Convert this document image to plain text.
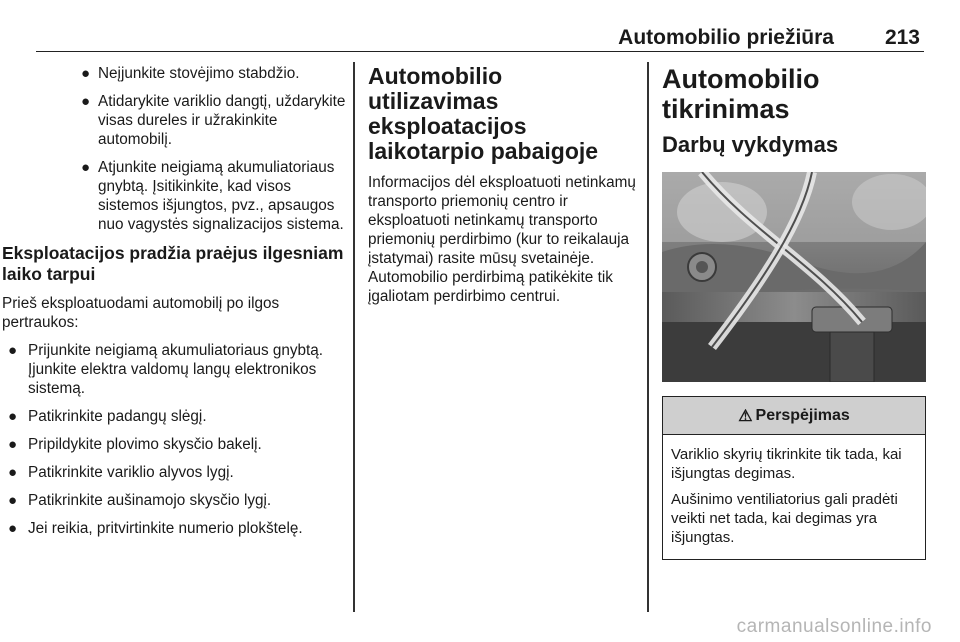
Automobilio priežiūra 213
● Neįjunkite stovėjimo stabdžio.
● Atidarykite variklio dangtį, uždarykite visas dureles ir užrakinkite automobilį.
● Atjunkite neigiamą akumuliatoriaus gnybtą. Įsitikinkite, kad visos sistemos išjungtos, pvz., apsaugos nuo vagystės signalizacijos sistema.
Eksploatacijos pradžia praėjus ilgesniam laiko tarpui

Prieš eksploatuodami automobilį po ilgos pertraukos:

● Prijunkite neigiamą akumuliatoriaus gnybtą. Įjunkite elektra valdomų langų elektronikos sistemą.
● Patikrinkite padangų slėgį.
● Pripildykite plovimo skysčio bakelį.
● Patikrinkite variklio alyvos lygį.
● Patikrinkite aušinamojo skysčio lygį.
● Jei reikia, pritvirtinkite numerio plokštelę.
Automobilio utilizavimas eksploatacijos laikotarpio pabaigoje

Informacijos dėl eksploatuoti netinkamų transporto priemonių centro ir eksploatuoti netinkamų transporto priemonių perdirbimo (kur to reikalauja įstatymai) rasite mūsų svetainėje. Automobilio perdirbimą patikėkite tik įgaliotam perdirbimo centrui.

Automobilio tikrinimas
Darbų vykdymas
⚠ Perspėjimas

Variklio skyrių tikrinkite tik tada, kai išjungtas degimas.

Aušinimo ventiliatorius gali pradėti veikti net tada, kai degimas yra išjungtas.

carmanualsonline.info
